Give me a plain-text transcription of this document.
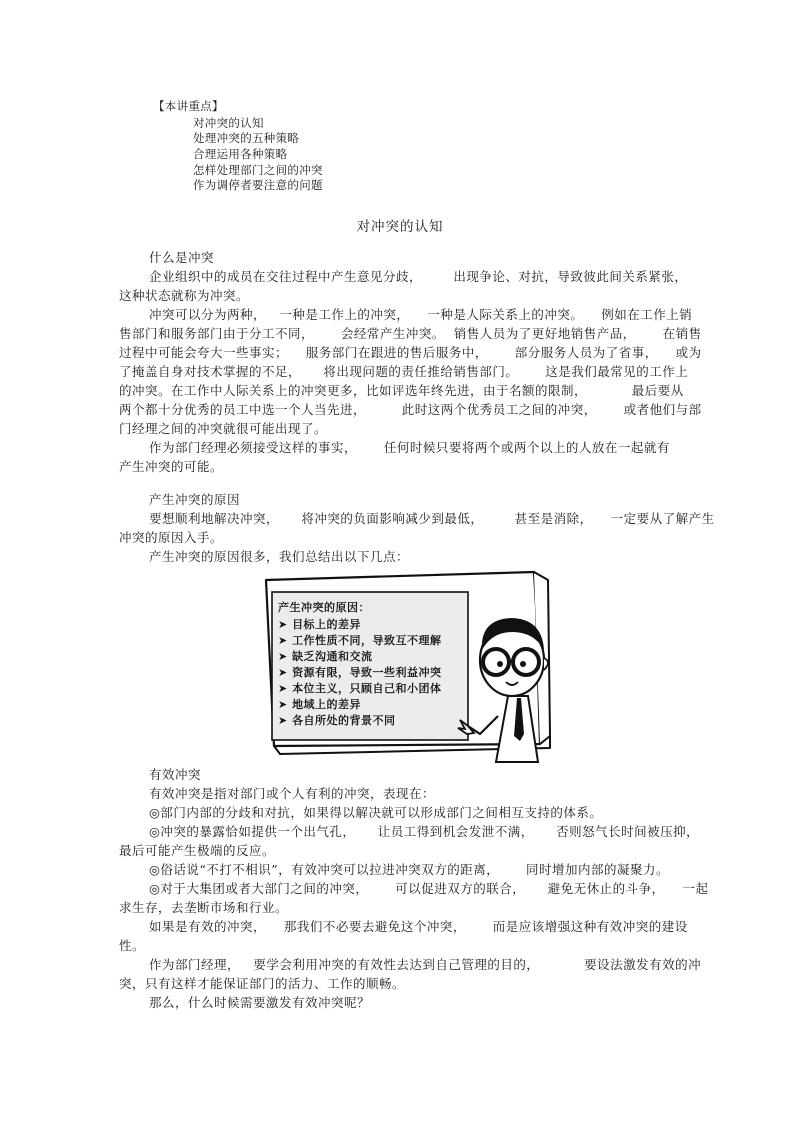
【本讲重点】
对冲突的认知
处理冲突的五种策略
合理运用各种策略
怎样处理部门之间的冲突
作为调停者要注意的问题
对冲突的认知
什么是冲突
企业组织中的成员在交往过程中产生意见分歧，       出现争论、对抗，导致彼此间关系紧张，
这种状态就称为冲突。
冲突可以分为两种，   一种是工作上的冲突，    一种是人际关系上的冲突。    例如在工作上销
售部门和服务部门由于分工不同，      会经常产生冲突。  销售人员为了更好地销售产品，      在销售
过程中可能会夸大一些事实；    服务部门在跟进的售后服务中，      部分服务人员为了省事，    或为
了掩盖自身对技术掌握的不足，     将出现问题的责任推给销售部门。      这是我们最常见的工作上
的冲突。在工作中人际关系上的冲突更多，比如评选年终先进，由于名额的限制，          最后要从
两个都十分优秀的员工中选一个人当先进，        此时这两个优秀员工之间的冲突，      或者他们与部
门经理之间的冲突就很可能出现了。
作为部门经理必须接受这样的事实，      任何时候只要将两个或两个以上的人放在一起就有
产生冲突的可能。
产生冲突的原因
要想顺利地解决冲突，     将冲突的负面影响减少到最低，       甚至是消除，    一定要从了解产生
冲突的原因入手。
产生冲突的原因很多，我们总结出以下几点：
产生冲突的原因：
➤ 目标上的差异
➤ 工作性质不同，导致互不理解
➤ 缺乏沟通和交流
➤ 资源有限，导致一些利益冲突
➤ 本位主义，只顾自己和小团体
➤ 地域上的差异
➤ 各自所处的背景不同
有效冲突
有效冲突是指对部门或个人有利的冲突，表现在：
◎部门内部的分歧和对抗，如果得以解决就可以形成部门之间相互支持的体系。
◎冲突的暴露恰如提供一个出气孔，     让员工得到机会发泄不满，     否则怒气长时间被压抑，
最后可能产生极端的反应。
◎俗话说“不打不相识”，有效冲突可以拉进冲突双方的距离，      同时增加内部的凝聚力。
◎对于大集团或者大部门之间的冲突，      可以促进双方的联合，     避免无休止的斗争，    一起
求生存，去垄断市场和行业。
如果是有效的冲突，    那我们不必要去避免这个冲突，      而是应该增强这种有效冲突的建设
性。
作为部门经理，   要学会利用冲突的有效性去达到自己管理的目的，          要设法激发有效的冲
突，只有这样才能保证部门的活力、工作的顺畅。
那么，什么时候需要激发有效冲突呢？
